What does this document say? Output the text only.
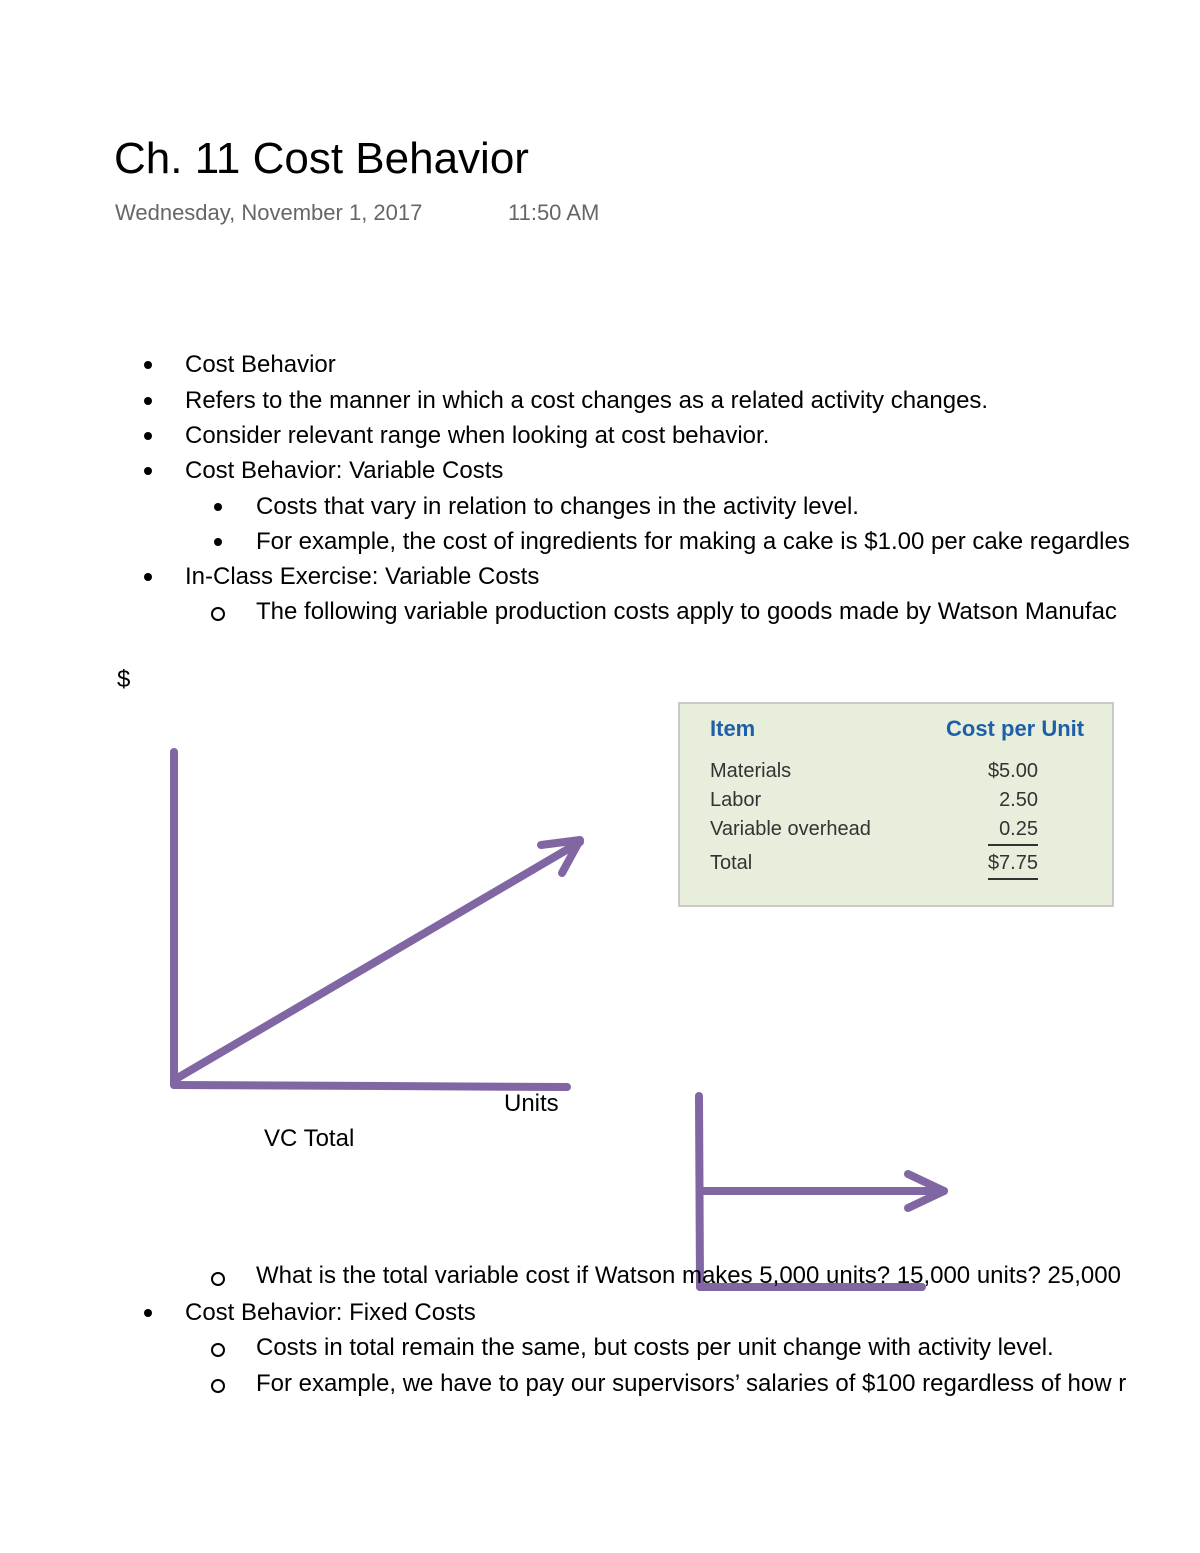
Ch. 11 Cost Behavior
Wednesday, November 1, 2017	11:50 AM
Cost Behavior
Refers to the manner in which a cost changes as a related activity changes.
Consider relevant range when looking at cost behavior.
Cost Behavior: Variable Costs
Costs that vary in relation to changes in the activity level.
For example, the cost of ingredients for making a cake is $1.00 per cake regardles
In-Class Exercise: Variable Costs
The following variable production costs apply to goods made by Watson Manufac
$
Item	Cost per Unit
Materials	$5.00
Labor	2.50
Variable overhead	0.25
Total	$7.75
Units
VC Total
What is the total variable cost if Watson makes 5,000 units? 15,000 units? 25,000
Cost Behavior: Fixed Costs
Costs in total remain the same, but costs per unit change with activity level.
For example, we have to pay our supervisors’ salaries of $100 regardless of how r
